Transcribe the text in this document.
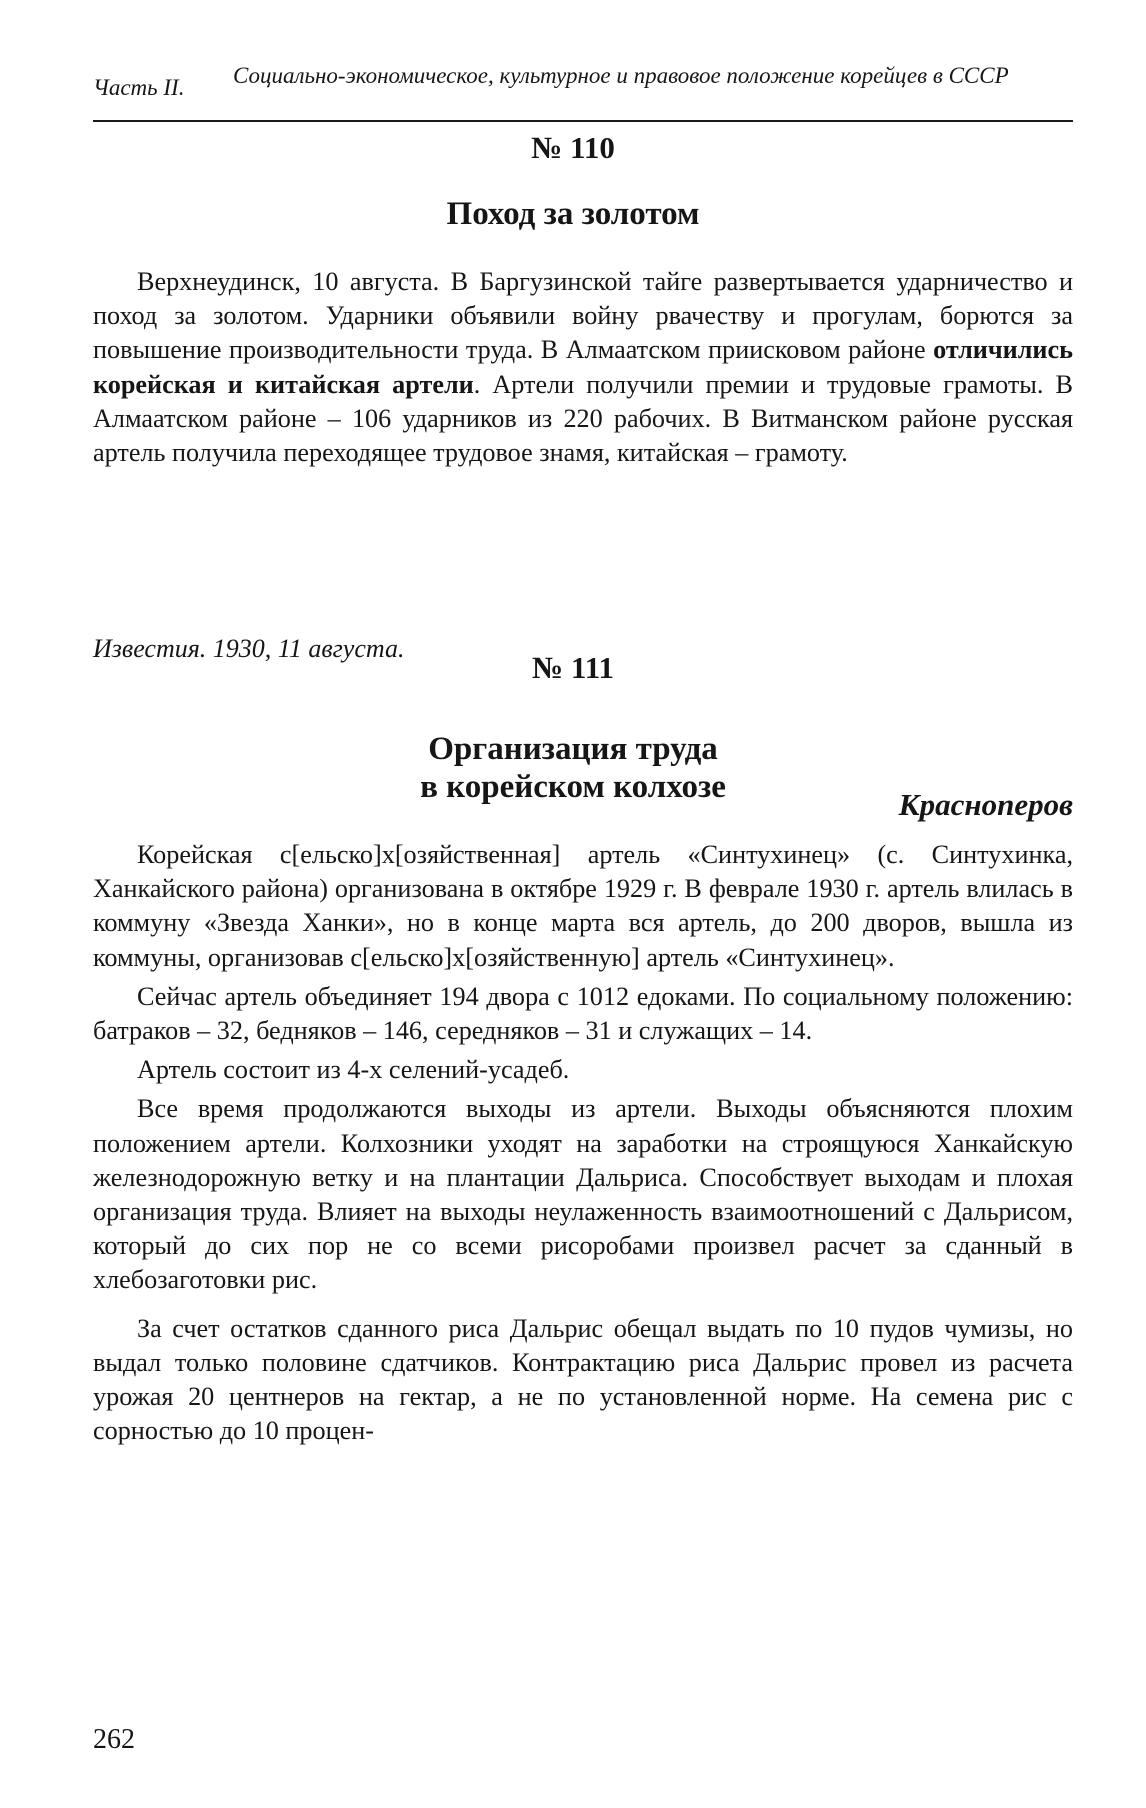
Часть II. Социально-экономическое, культурное и правовое положение корейцев в СССР
№ 110
Поход за золотом

Верхнеудинск, 10 августа. В Баргузинской тайге развертывается ударничество и поход за золотом. Ударники объявили войну рвачеству и прогулам, борются за повышение производительности труда. В Алмаатском приисковом районе отличились корейская и китайская артели. Артели получили премии и трудовые грамоты. В Алмаатском районе – 106 ударников из 220 рабочих. В Витманском районе русская артель получила переходящее трудовое знамя, китайская – грамоту.

Известия. 1930, 11 августа.
№ 111
Краснoперов
Организация труда
в корейском колхозе

Корейская с[ельско]х[озяйственная] артель «Синтухинец» (с. Синтухинка, Ханкайского района) организована в октябре 1929 г. В феврале 1930 г. артель влилась в коммуну «Звезда Ханки», но в конце марта вся артель, до 200 дворов, вышла из коммуны, организовав с[ельско]х[озяйственную] артель «Синтухинец».

Сейчас артель объединяет 194 двора с 1012 едоками. По социальному положению: батраков – 32, бедняков – 146, середняков – 31 и служащих – 14.

Артель состоит из 4-х селений-усадеб.

Все время продолжаются выходы из артели. Выходы объясняются плохим положением артели. Колхозники уходят на заработки на строящуюся Ханкайскую железнодорожную ветку и на плантации Дальриса. Способствует выходам и плохая организация труда. Влияет на выходы неулаженность взаимоотношений с Дальрисом, который до сих пор не со всеми рисоробами произвел расчет за сданный в хлебозаготовки рис.

За счет остатков сданного риса Дальрис обещал выдать по 10 пудов чумизы, но выдал только половине сдатчиков. Контрактацию риса Дальрис провел из расчета урожая 20 центнеров на гектар, а не по установленной норме. На семена рис с сорностью до 10 процен-

262
